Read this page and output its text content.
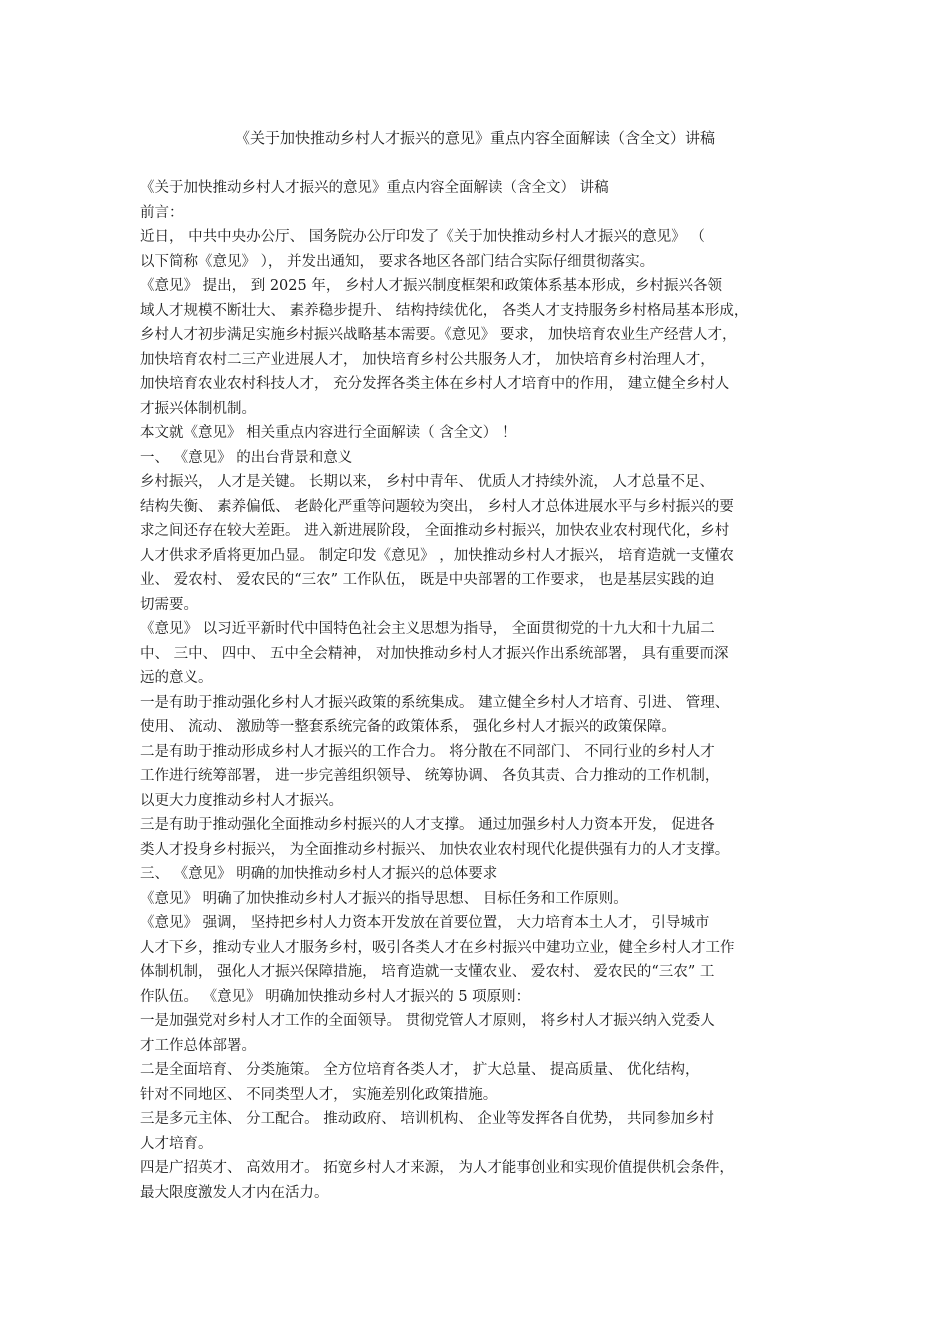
《关于加快推动乡村人才振兴的意见》重点内容全面解读（含全文）讲稿
《关于加快推动乡村人才振兴的意见》重点内容全面解读（含全文） 讲稿
前言：
近日， 中共中央办公厅、 国务院办公厅印发了《关于加快推动乡村人才振兴的意见》 （
以下简称《意见》 ）， 并发出通知， 要求各地区各部门结合实际仔细贯彻落实。
《意见》 提出， 到 2025 年， 乡村人才振兴制度框架和政策体系基本形成，乡村振兴各领
域人才规模不断壮大、 素养稳步提升、 结构持续优化， 各类人才支持服务乡村格局基本形成，
乡村人才初步满足实施乡村振兴战略基本需要。《意见》 要求， 加快培育农业生产经营人才，
加快培育农村二三产业进展人才， 加快培育乡村公共服务人才， 加快培育乡村治理人才，
加快培育农业农村科技人才， 充分发挥各类主体在乡村人才培育中的作用， 建立健全乡村人
才振兴体制机制。
本文就《意见》 相关重点内容进行全面解读（ 含全文） ！
一、 《意见》 的出台背景和意义
乡村振兴， 人才是关键。 长期以来， 乡村中青年、 优质人才持续外流， 人才总量不足、
结构失衡、 素养偏低、 老龄化严重等问题较为突出， 乡村人才总体进展水平与乡村振兴的要
求之间还存在较大差距。 进入新进展阶段， 全面推动乡村振兴，加快农业农村现代化，乡村
人才供求矛盾将更加凸显。 制定印发《意见》 ，加快推动乡村人才振兴， 培育造就一支懂农
业、 爱农村、 爱农民的“三农” 工作队伍， 既是中央部署的工作要求， 也是基层实践的迫
切需要。
《意见》 以习近平新时代中国特色社会主义思想为指导， 全面贯彻党的十九大和十九届二
中、 三中、 四中、 五中全会精神， 对加快推动乡村人才振兴作出系统部署， 具有重要而深
远的意义。
一是有助于推动强化乡村人才振兴政策的系统集成。 建立健全乡村人才培育、引进、 管理、
使用、 流动、 激励等一整套系统完备的政策体系， 强化乡村人才振兴的政策保障。
二是有助于推动形成乡村人才振兴的工作合力。 将分散在不同部门、 不同行业的乡村人才
工作进行统筹部署， 进一步完善组织领导、 统筹协调、 各负其责、合力推动的工作机制，
以更大力度推动乡村人才振兴。
三是有助于推动强化全面推动乡村振兴的人才支撑。 通过加强乡村人力资本开发， 促进各
类人才投身乡村振兴， 为全面推动乡村振兴、 加快农业农村现代化提供强有力的人才支撑。
三、 《意见》 明确的加快推动乡村人才振兴的总体要求
《意见》 明确了加快推动乡村人才振兴的指导思想、 目标任务和工作原则。
《意见》 强调， 坚持把乡村人力资本开发放在首要位置， 大力培育本土人才， 引导城市
人才下乡，推动专业人才服务乡村，吸引各类人才在乡村振兴中建功立业，健全乡村人才工作
体制机制， 强化人才振兴保障措施， 培育造就一支懂农业、 爱农村、 爱农民的“三农” 工
作队伍。 《意见》 明确加快推动乡村人才振兴的 5 项原则：
一是加强党对乡村人才工作的全面领导。 贯彻党管人才原则， 将乡村人才振兴纳入党委人
才工作总体部署。
二是全面培育、 分类施策。 全方位培育各类人才， 扩大总量、 提高质量、 优化结构，
针对不同地区、 不同类型人才， 实施差别化政策措施。
三是多元主体、 分工配合。 推动政府、 培训机构、 企业等发挥各自优势， 共同参加乡村
人才培育。
四是广招英才、 高效用才。 拓宽乡村人才来源， 为人才能事创业和实现价值提供机会条件，
最大限度激发人才内在活力。
